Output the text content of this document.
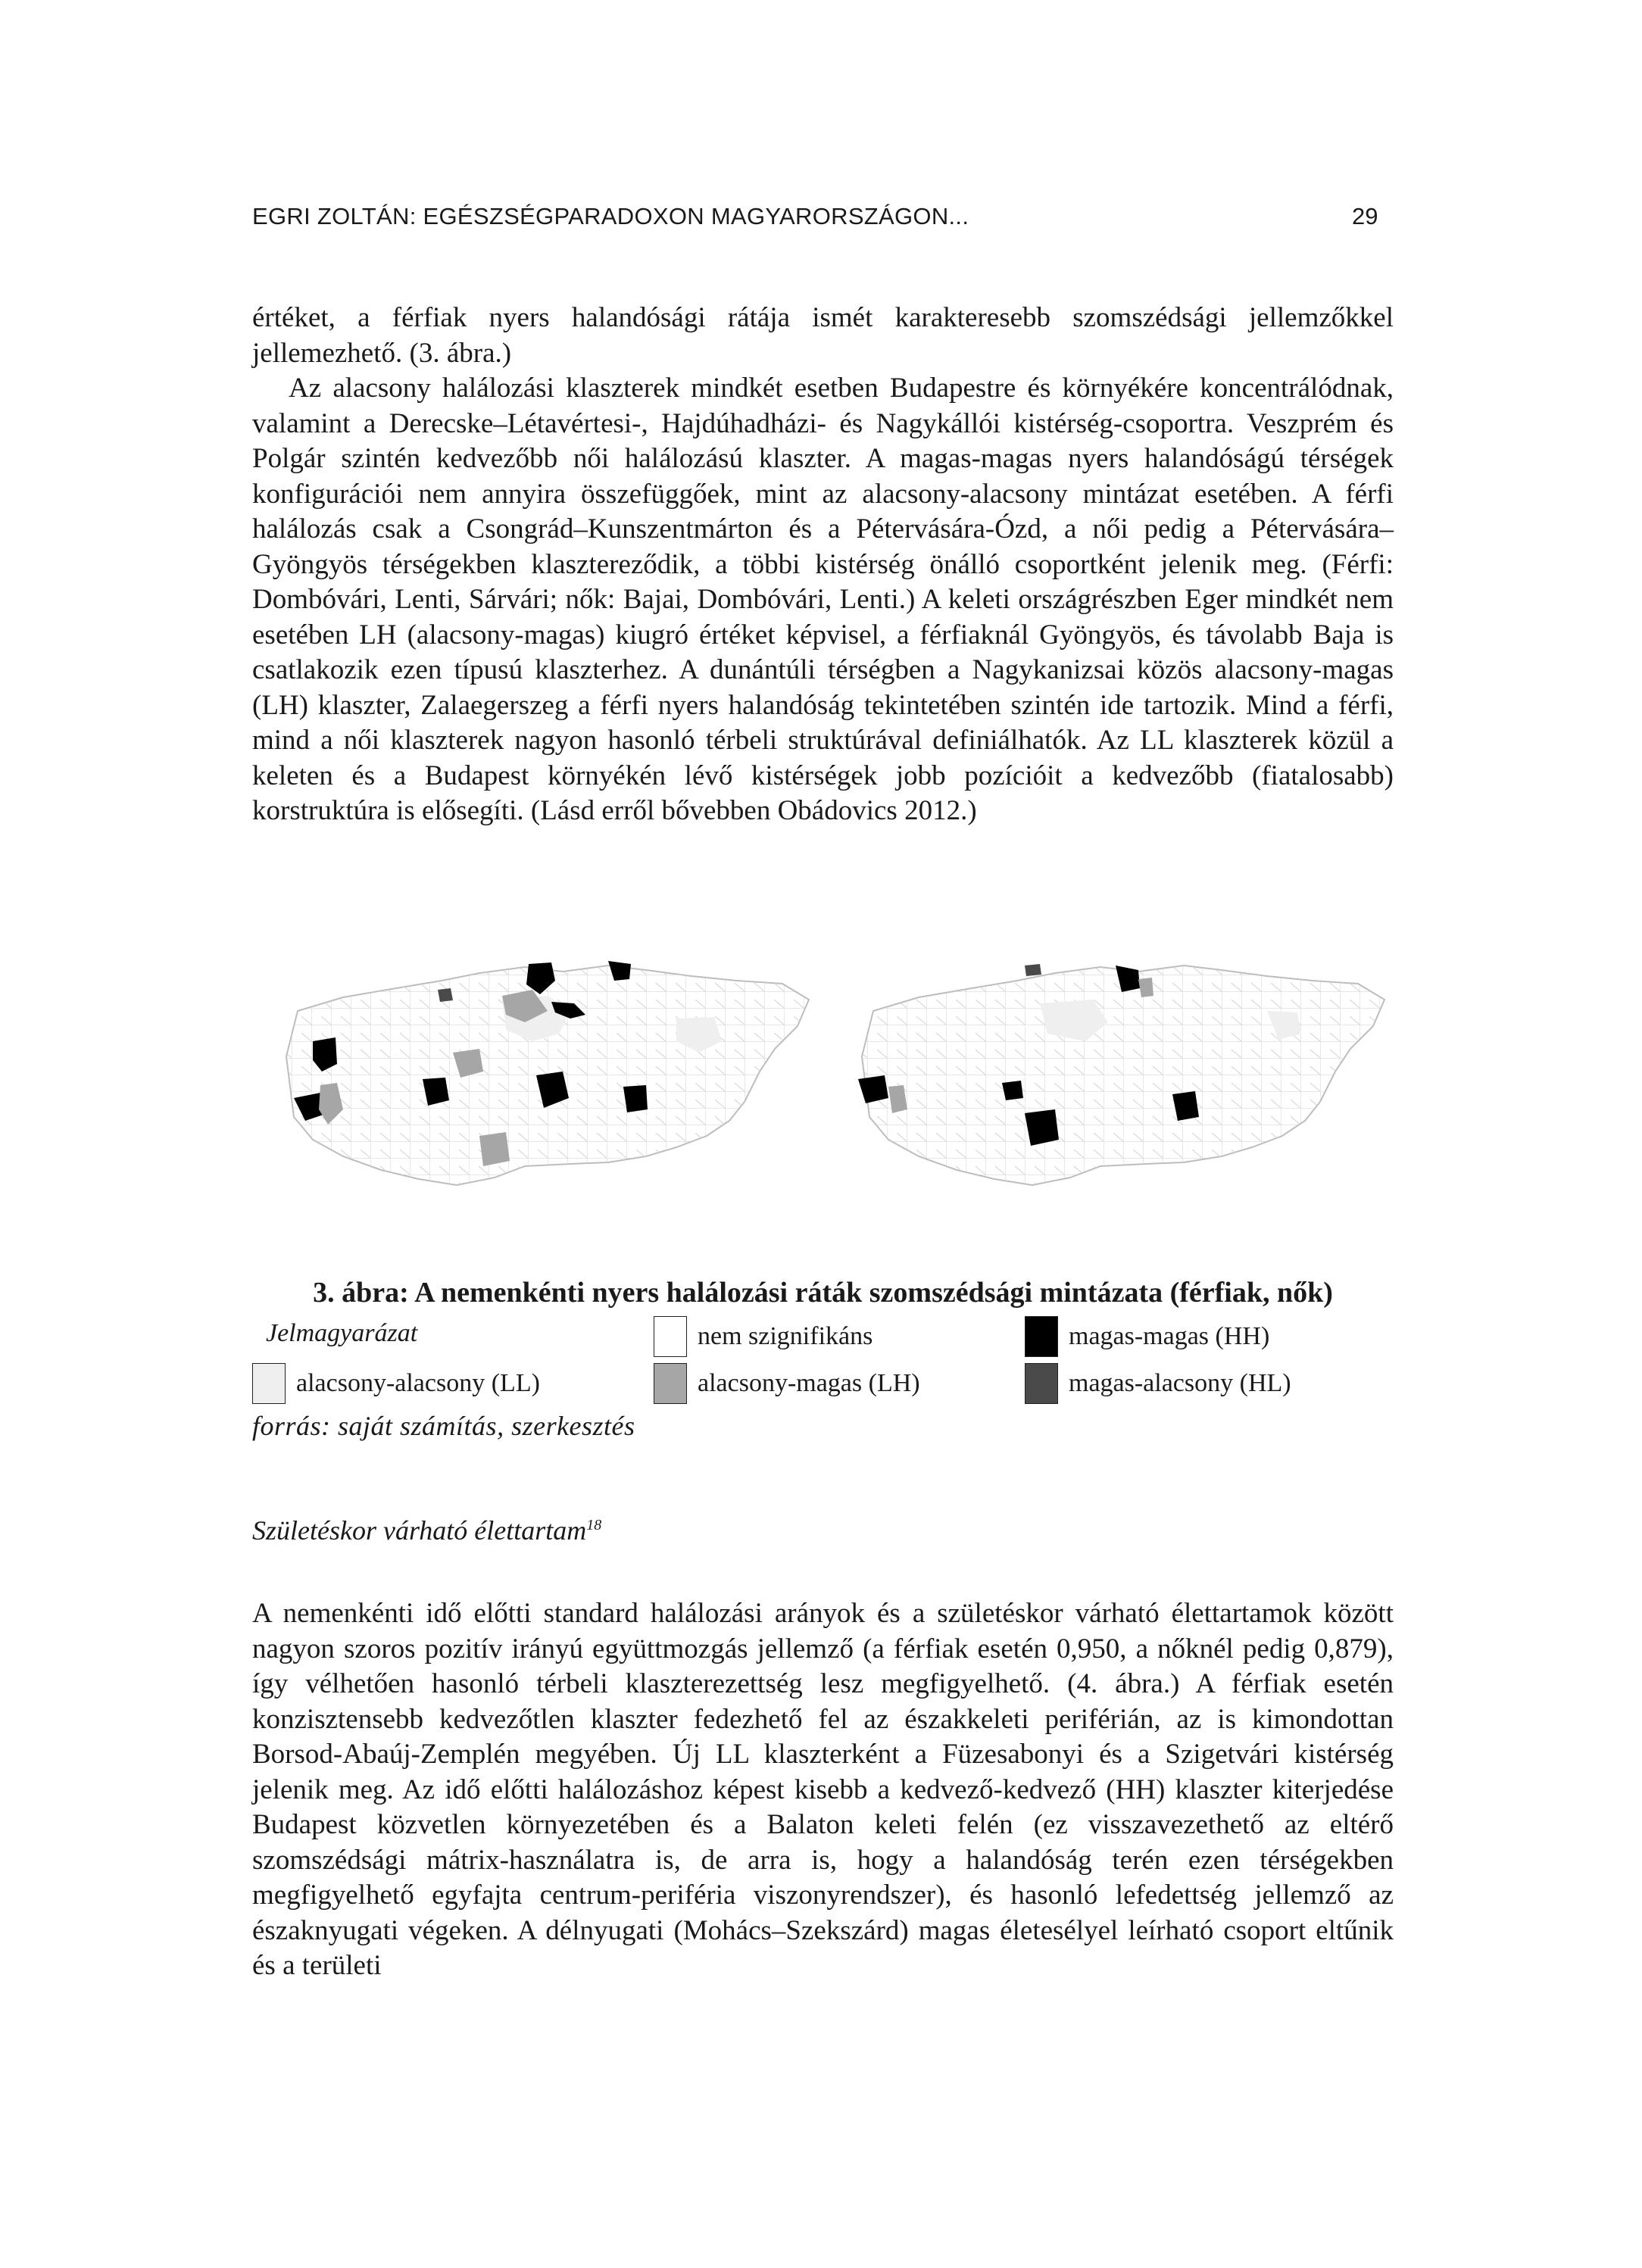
EGRI ZOLTÁN: EGÉSZSÉGPARADOXON MAGYARORSZÁGON...	29

értéket, a férfiak nyers halandósági rátája ismét karakteresebb szomszédsági jellemzőkkel jellemezhető. (3. ábra.)

Az alacsony halálozási klaszterek mindkét esetben Budapestre és környékére koncentrálódnak, valamint a Derecske–Létavértesi-, Hajdúhadházi- és Nagykállói kistérség-csoportra. Veszprém és Polgár szintén kedvezőbb női halálozású klaszter. A magas-magas nyers halandóságú térségek konfigurációi nem annyira összefüggőek, mint az alacsony-alacsony mintázat esetében. A férfi halálozás csak a Csongrád–Kunszentmárton és a Pétervására-Ózd, a női pedig a Pétervására–Gyöngyös térségekben klasztereződik, a többi kistérség önálló csoportként jelenik meg. (Férfi: Dombóvári, Lenti, Sárvári; nők: Bajai, Dombóvári, Lenti.) A keleti országrészben Eger mindkét nem esetében LH (alacsony-magas) kiugró értéket képvisel, a férfiaknál Gyöngyös, és távolabb Baja is csatlakozik ezen típusú klaszterhez. A dunántúli térségben a Nagykanizsai közös alacsony-magas (LH) klaszter, Zalaegerszeg a férfi nyers halandóság tekintetében szintén ide tartozik. Mind a férfi, mind a női klaszterek nagyon hasonló térbeli struktúrával definiálhatók. Az LL klaszterek közül a keleten és a Budapest környékén lévő kistérségek jobb pozícióit a kedvezőbb (fiatalosabb) korstruktúra is elősegíti. (Lásd erről bővebben Obádovics 2012.)

3. ábra: A nemenkénti nyers halálozási ráták szomszédsági mintázata (férfiak, nők)
Jelmagyarázat	nem szignifikáns	magas-magas (HH)
alacsony-alacsony (LL)	alacsony-magas (LH)	magas-alacsony (HL)
forrás: saját számítás, szerkesztés
Születéskor várható élettartam$^{18}$

A nemenkénti idő előtti standard halálozási arányok és a születéskor várható élettartamok között nagyon szoros pozitív irányú együttmozgás jellemző (a férfiak esetén 0,950, a nőknél pedig 0,879), így vélhetően hasonló térbeli klaszterezettség lesz megfigyelhető. (4. ábra.) A férfiak esetén konzisztensebb kedvezőtlen klaszter fedezhető fel az északkeleti periférián, az is kimondottan Borsod-Abaúj-Zemplén megyében. Új LL klaszterként a Füzesabonyi és a Szigetvári kistérség jelenik meg. Az idő előtti halálozáshoz képest kisebb a kedvező-kedvező (HH) klaszter kiterjedése Budapest közvetlen környezetében és a Balaton keleti felén (ez visszavezethető az eltérő szomszédsági mátrix-használatra is, de arra is, hogy a halandóság terén ezen térségekben megfigyelhető egyfajta centrum-periféria viszonyrendszer), és hasonló lefedettség jellemző az északnyugati végeken. A délnyugati (Mohács–Szekszárd) magas életesélyel leírható csoport eltűnik és a területi
